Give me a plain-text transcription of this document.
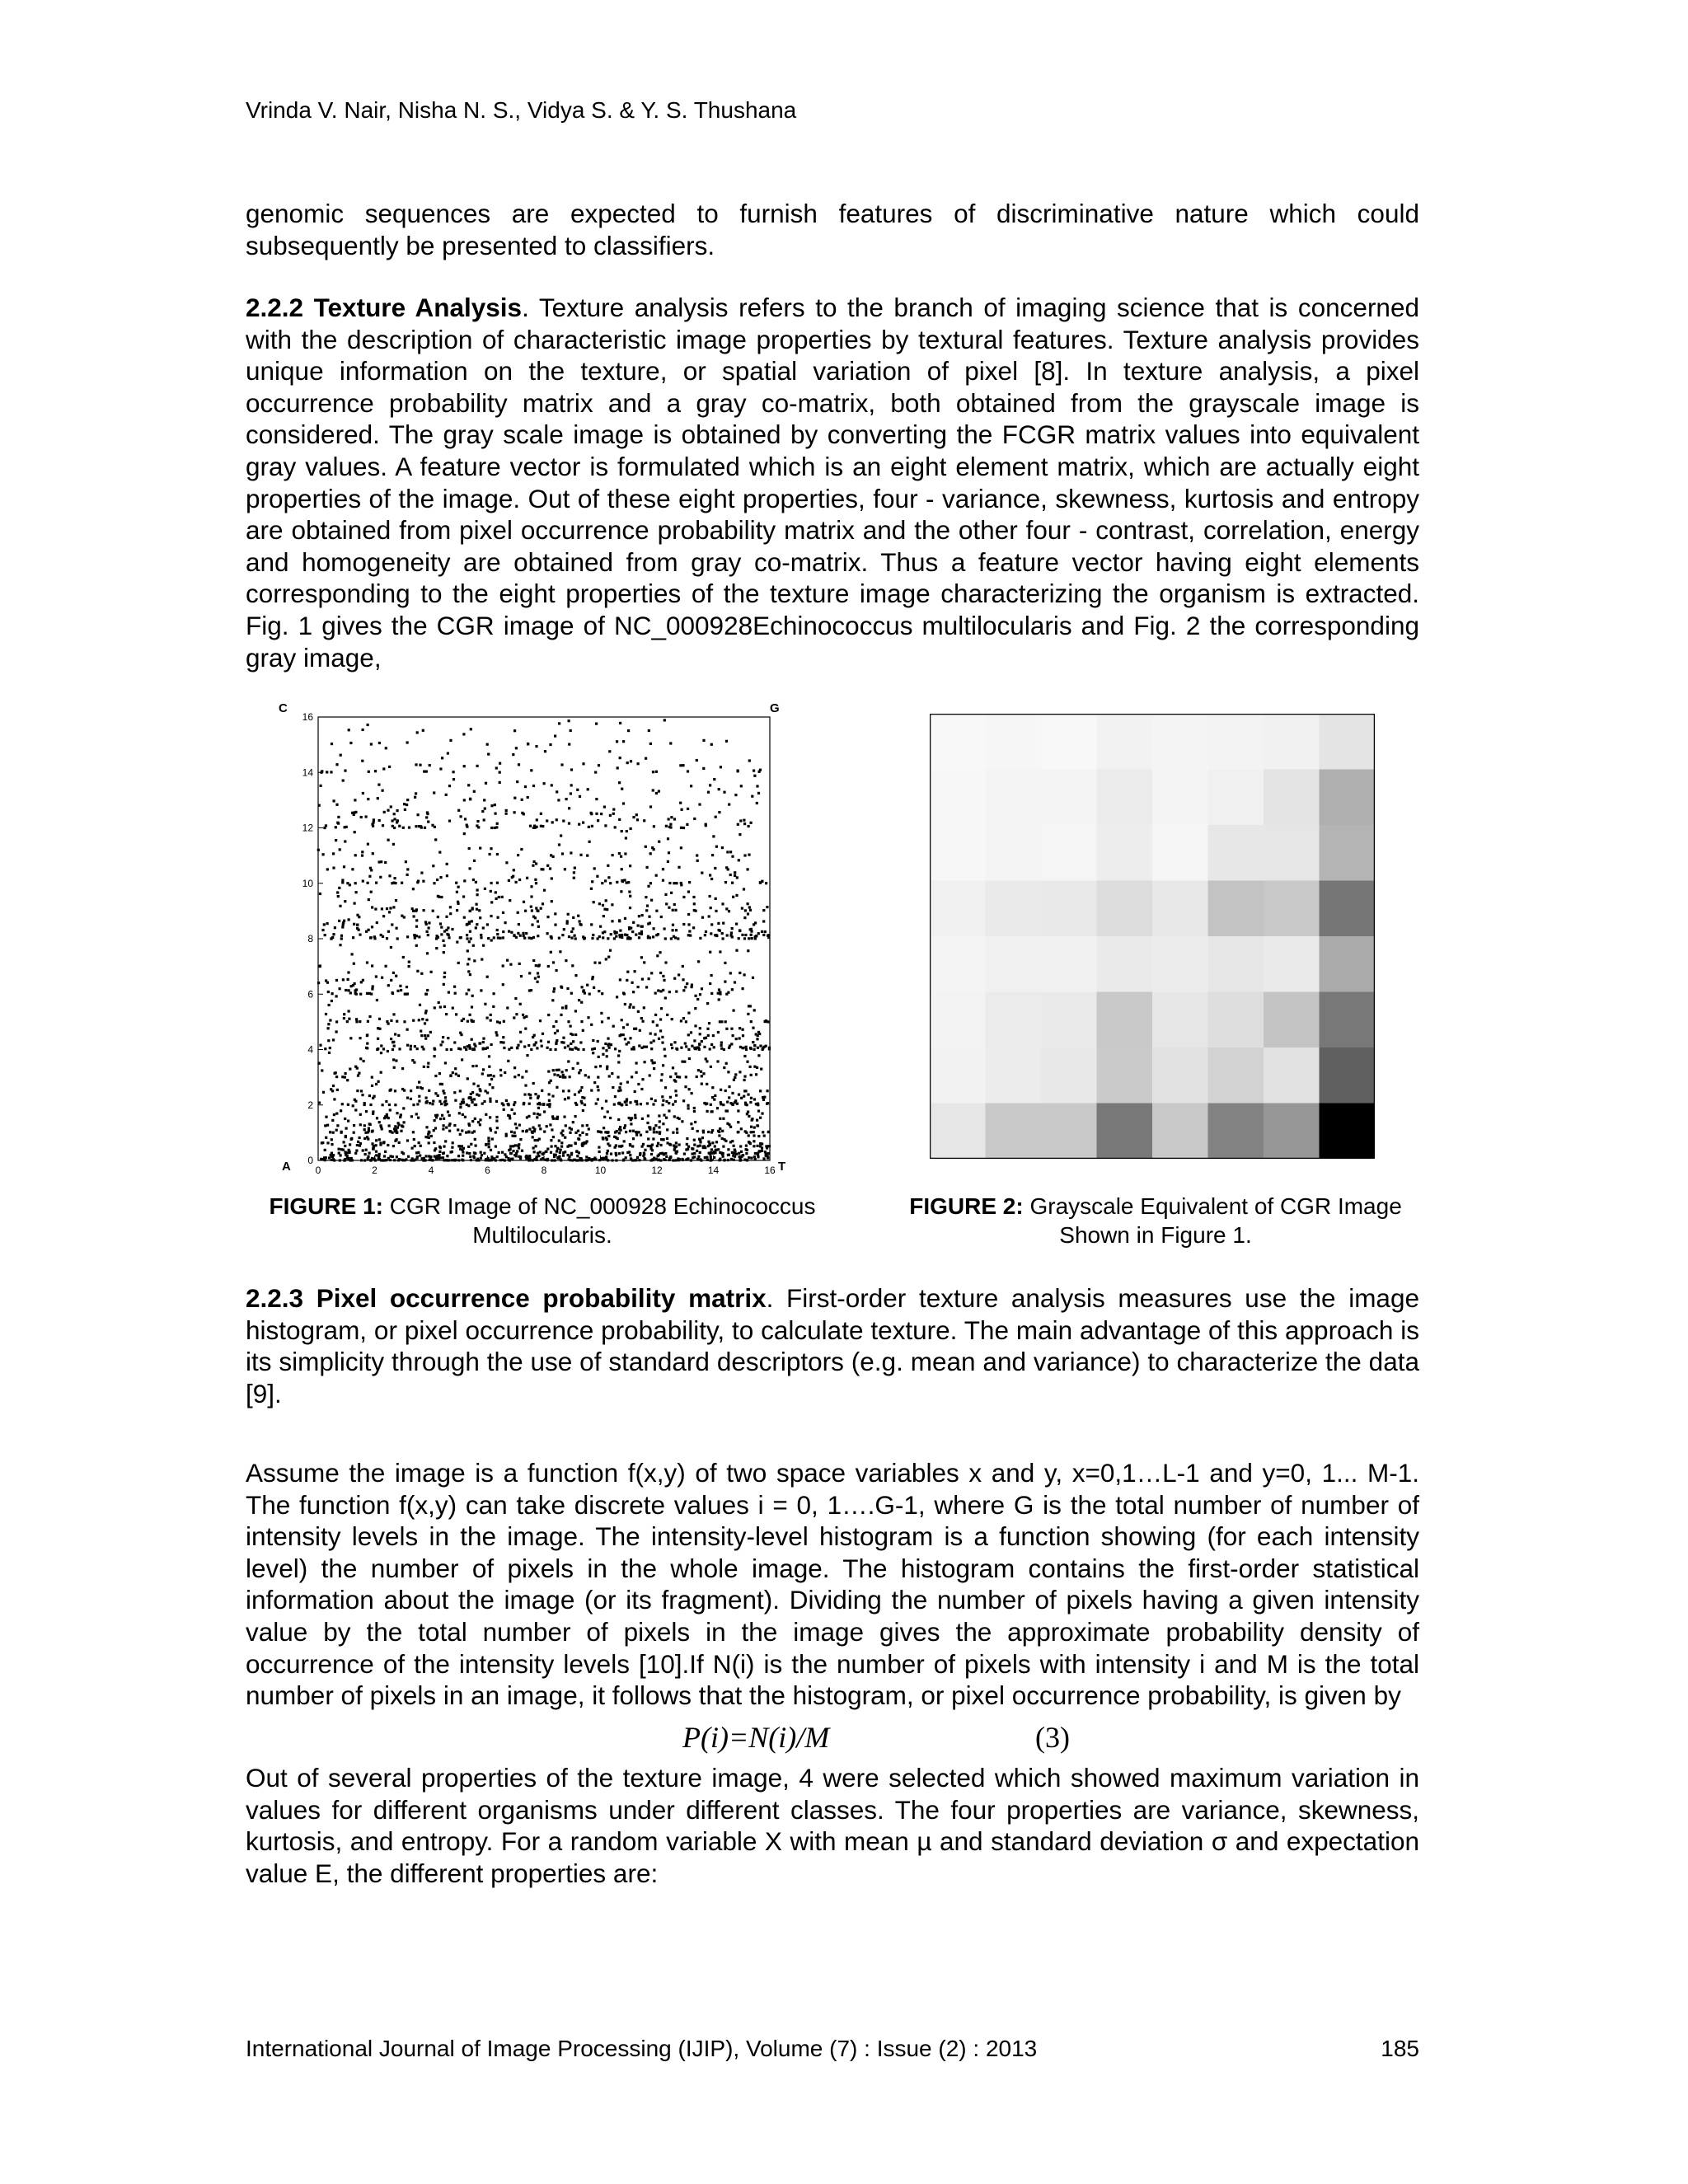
Vrinda V. Nair, Nisha N. S., Vidya S. & Y. S. Thushana
genomic sequences are expected to furnish features of discriminative nature which could subsequently be presented to classifiers.
2.2.2 Texture Analysis. Texture analysis refers to the branch of imaging science that is concerned with the description of characteristic image properties by textural features. Texture analysis provides unique information on the texture, or spatial variation of pixel [8]. In texture analysis, a pixel occurrence probability matrix and a gray co-matrix, both obtained from the grayscale image is considered. The gray scale image is obtained by converting the FCGR matrix values into equivalent gray values. A feature vector is formulated which is an eight element matrix, which are actually eight properties of the image. Out of these eight properties, four - variance, skewness, kurtosis and entropy are obtained from pixel occurrence probability matrix and the other four - contrast, correlation, energy and homogeneity are obtained from gray co-matrix. Thus a feature vector having eight elements corresponding to the eight properties of the texture image characterizing the organism is extracted. Fig. 1 gives the CGR image of NC_000928Echinococcus multilocularis and Fig. 2 the corresponding gray image,
C	G
A	T
0	2	4	6	8	10	12	14	16
0
2
4
6
8
10
12
14
16
FIGURE 1: CGR Image of NC_000928 Echinococcus Multilocularis.
FIGURE 2: Grayscale Equivalent of CGR Image Shown in Figure 1.
2.2.3 Pixel occurrence probability matrix. First-order texture analysis measures use the image histogram, or pixel occurrence probability, to calculate texture. The main advantage of this approach is its simplicity through the use of standard descriptors (e.g. mean and variance) to characterize the data [9].
Assume the image is a function f(x,y) of two space variables x and y, x=0,1…L-1 and y=0, 1... M-1. The function f(x,y) can take discrete values i = 0, 1….G-1, where G is the total number of number of intensity levels in the image. The intensity-level histogram is a function showing (for each intensity level) the number of pixels in the whole image. The histogram contains the first-order statistical information about the image (or its fragment). Dividing the number of pixels having a given intensity value by the total number of pixels in the image gives the approximate probability density of occurrence of the intensity levels [10].If N(i) is the number of pixels with intensity i and M is the total number of pixels in an image, it follows that the histogram, or pixel occurrence probability, is given by
P(i)=N(i)/M	(3)
Out of several properties of the texture image, 4 were selected which showed maximum variation in values for different organisms under different classes. The four properties are variance, skewness, kurtosis, and entropy. For a random variable X with mean µ and standard deviation σ and expectation value E, the different properties are:
International Journal of Image Processing (IJIP), Volume (7) : Issue (2) : 2013	185
